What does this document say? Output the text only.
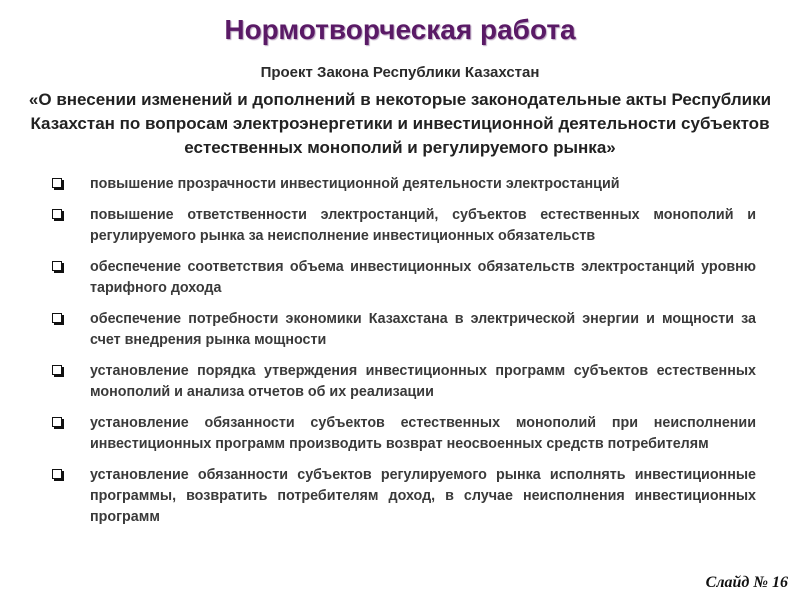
Нормотворческая работа

Проект Закона Республики Казахстан

«О внесении изменений и дополнений в некоторые законодательные акты Республики Казахстан по вопросам электроэнергетики и инвестиционной деятельности субъектов естественных монополий и регулируемого рынка»

повышение прозрачности инвестиционной деятельности электростанций
повышение ответственности электростанций, субъектов естественных монополий и регулируемого рынка за неисполнение инвестиционных обязательств
обеспечение соответствия объема инвестиционных обязательств электростанций уровню тарифного дохода
обеспечение потребности экономики Казахстана в электрической энергии и мощности за счет внедрения рынка мощности
установление порядка утверждения инвестиционных программ субъектов естественных монополий и анализа отчетов об их реализации
установление обязанности субъектов естественных монополий при неисполнении инвестиционных программ производить возврат неосвоенных средств потребителям
установление обязанности субъектов регулируемого рынка исполнять инвестиционные программы, возвратить потребителям доход, в случае неисполнения инвестиционных программ
Слайд № 16
